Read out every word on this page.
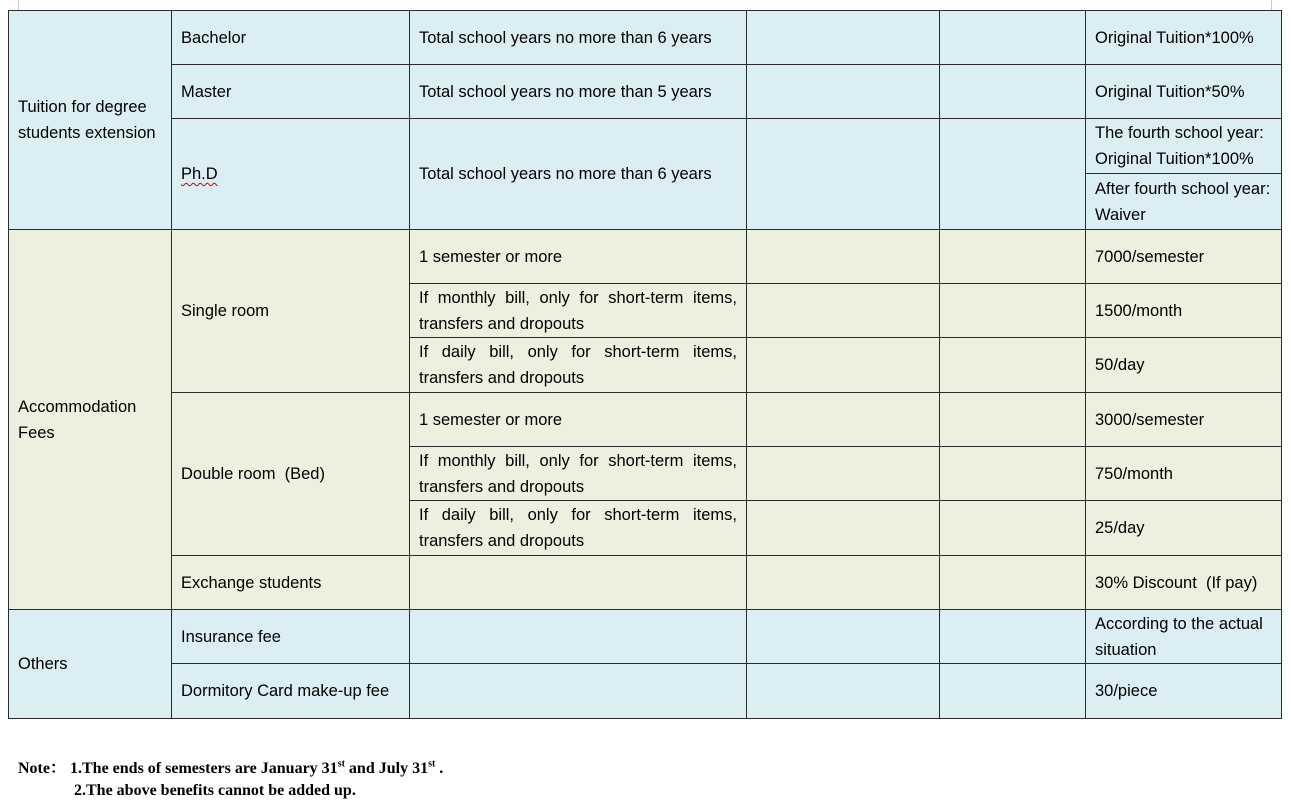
Tuition for degree students extension	Bachelor	Total school years no more than 6 years			Original Tuition*100%
	Master	Total school years no more than 5 years			Original Tuition*50%
	Ph.D	Total school years no more than 6 years			The fourth school year: Original Tuition*100%
					After fourth school year: Waiver
Accommodation Fees	Single room	1 semester or more			7000/semester
		If monthly bill, only for short-term items, transfers and dropouts			1500/month
		If daily bill, only for short-term items, transfers and dropouts			50/day
	Double room  (Bed)	1 semester or more			3000/semester
		If monthly bill, only for short-term items, transfers and dropouts			750/month
		If daily bill, only for short-term items, transfers and dropouts			25/day
	Exchange students				30% Discount  (If pay)
Others	Insurance fee				According to the actual situation
	Dormitory Card make-up fee				30/piece
Note： 1.The ends of semesters are January 31st and July 31st .
2.The above benefits cannot be added up.
